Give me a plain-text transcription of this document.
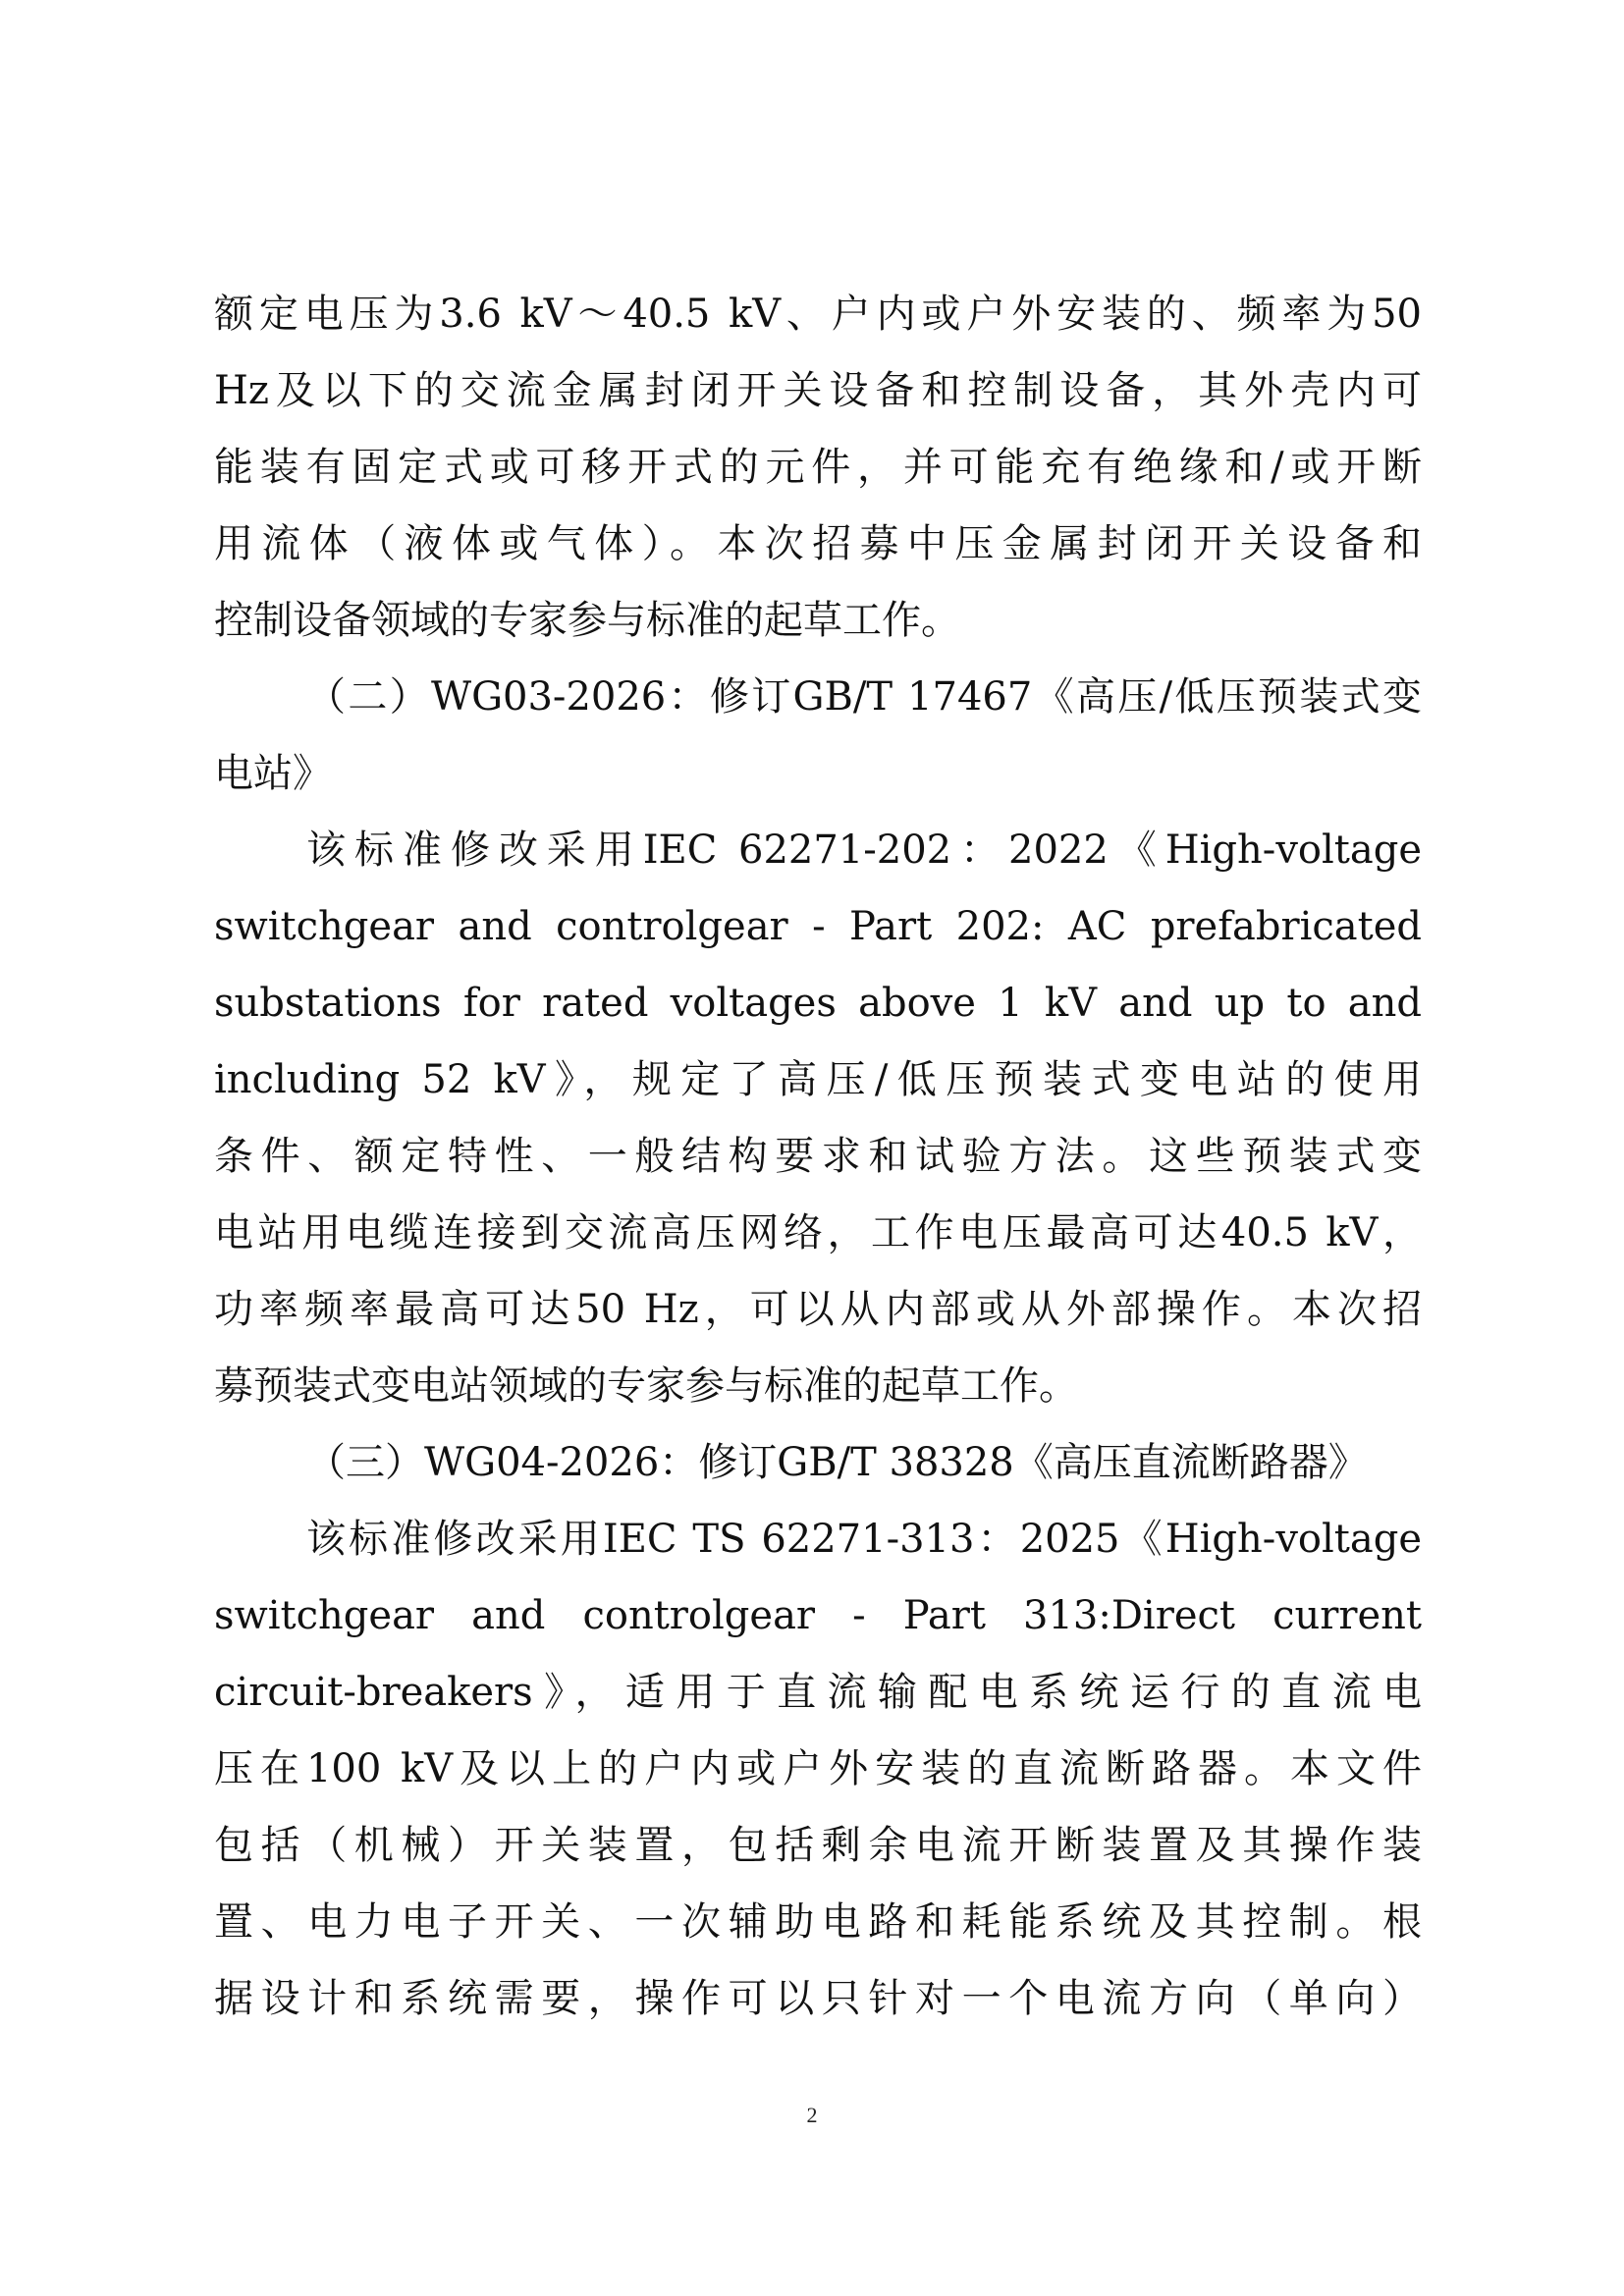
额定电压为3.6 kV～40.5 kV、户内或户外安装的、频率为50
Hz及以下的交流金属封闭开关设备和控制设备，其外壳内可
能装有固定式或可移开式的元件，并可能充有绝缘和/或开断
用流体（液体或气体）。本次招募中压金属封闭开关设备和
控制设备领域的专家参与标准的起草工作。
（二）WG03-2026：修订GB/T 17467《高压/低压预装式变
电站》
该标准修改采用IEC 62271-202：2022《High-voltage
switchgear and controlgear - Part 202: AC prefabricated
substations for rated voltages above 1 kV and up to and
including 52 kV》，规定了高压/低压预装式变电站的使用
条件、额定特性、一般结构要求和试验方法。这些预装式变
电站用电缆连接到交流高压网络，工作电压最高可达40.5 kV，
功率频率最高可达50 Hz，可以从内部或从外部操作。本次招
募预装式变电站领域的专家参与标准的起草工作。
（三）WG04-2026：修订GB/T 38328《高压直流断路器》
该标准修改采用IEC TS 62271-313：2025《High-voltage
switchgear and controlgear - Part 313:Direct current
circuit-breakers》，适用于直流输配电系统运行的直流电
压在100 kV及以上的户内或户外安装的直流断路器。本文件
包括（机械）开关装置，包括剩余电流开断装置及其操作装
置、电力电子开关、一次辅助电路和耗能系统及其控制。根
据设计和系统需要，操作可以只针对一个电流方向（单向）
2
